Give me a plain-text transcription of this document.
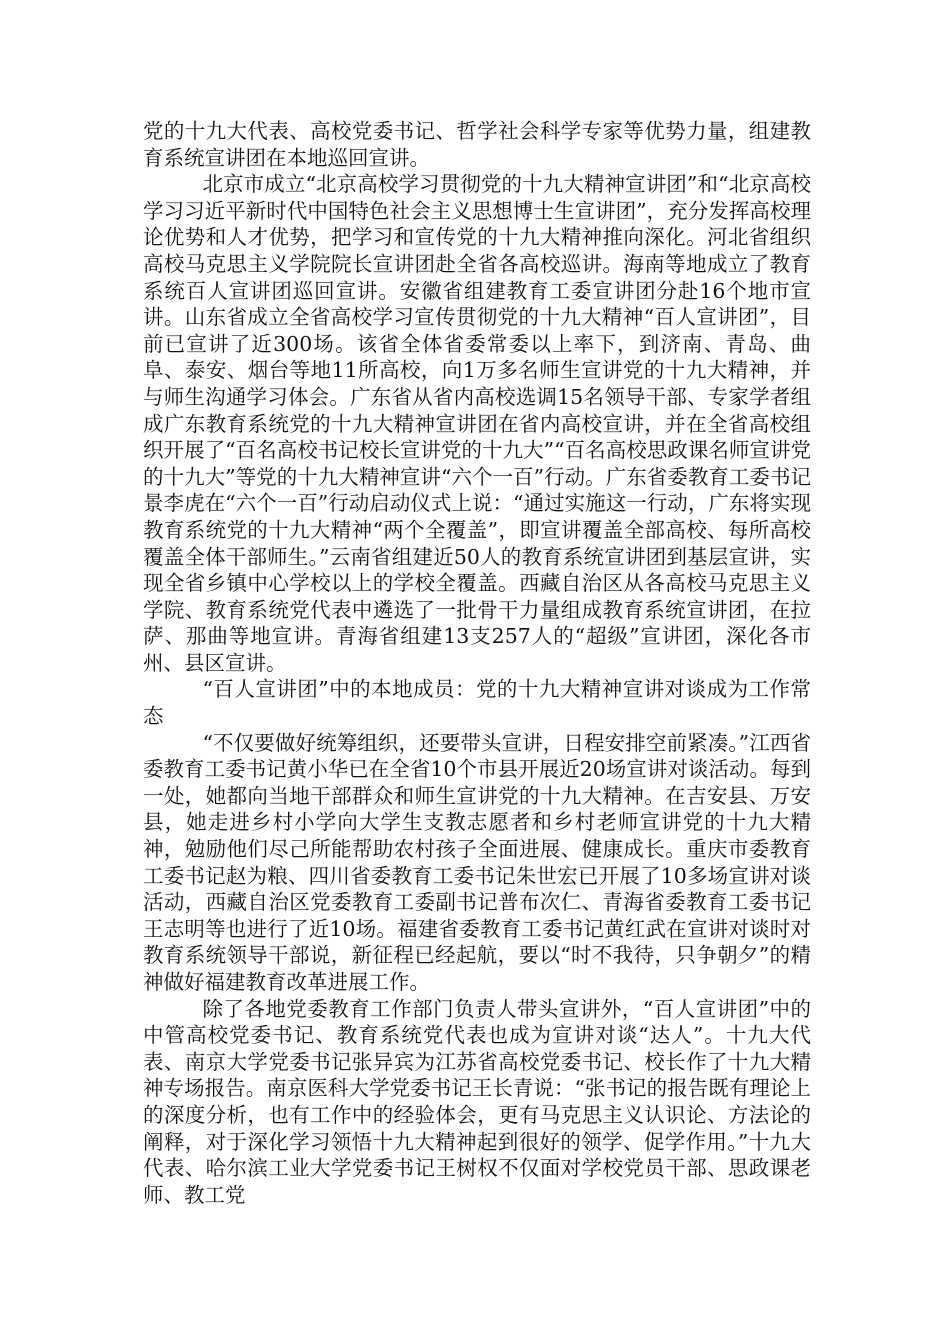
党的十九大代表、高校党委书记、哲学社会科学专家等优势力量，组建教育系统宣讲团在本地巡回宣讲。

北京市成立“北京高校学习贯彻党的十九大精神宣讲团”和“北京高校学习习近平新时代中国特色社会主义思想博士生宣讲团”，充分发挥高校理论优势和人才优势，把学习和宣传党的十九大精神推向深化。河北省组织高校马克思主义学院院长宣讲团赴全省各高校巡讲。海南等地成立了教育系统百人宣讲团巡回宣讲。安徽省组建教育工委宣讲团分赴16个地市宣讲。山东省成立全省高校学习宣传贯彻党的十九大精神“百人宣讲团”，目前已宣讲了近300场。该省全体省委常委以上率下，到济南、青岛、曲阜、泰安、烟台等地11所高校，向1万多名师生宣讲党的十九大精神，并与师生沟通学习体会。广东省从省内高校选调15名领导干部、专家学者组成广东教育系统党的十九大精神宣讲团在省内高校宣讲，并在全省高校组织开展了“百名高校书记校长宣讲党的十九大”“百名高校思政课名师宣讲党的十九大”等党的十九大精神宣讲“六个一百”行动。广东省委教育工委书记景李虎在“六个一百”行动启动仪式上说：“通过实施这一行动，广东将实现教育系统党的十九大精神“两个全覆盖”，即宣讲覆盖全部高校、每所高校覆盖全体干部师生。”云南省组建近50人的教育系统宣讲团到基层宣讲，实现全省乡镇中心学校以上的学校全覆盖。西藏自治区从各高校马克思主义学院、教育系统党代表中遴选了一批骨干力量组成教育系统宣讲团，在拉萨、那曲等地宣讲。青海省组建13支257人的“超级”宣讲团，深化各市州、县区宣讲。

“百人宣讲团”中的本地成员：党的十九大精神宣讲对谈成为工作常态

“不仅要做好统筹组织，还要带头宣讲，日程安排空前紧凑。”江西省委教育工委书记黄小华已在全省10个市县开展近20场宣讲对谈活动。每到一处，她都向当地干部群众和师生宣讲党的十九大精神。在吉安县、万安县，她走进乡村小学向大学生支教志愿者和乡村老师宣讲党的十九大精神，勉励他们尽己所能帮助农村孩子全面进展、健康成长。重庆市委教育工委书记赵为粮、四川省委教育工委书记朱世宏已开展了10多场宣讲对谈活动，西藏自治区党委教育工委副书记普布次仁、青海省委教育工委书记王志明等也进行了近10场。福建省委教育工委书记黄红武在宣讲对谈时对教育系统领导干部说，新征程已经起航，要以“时不我待，只争朝夕”的精神做好福建教育改革进展工作。

除了各地党委教育工作部门负责人带头宣讲外，“百人宣讲团”中的中管高校党委书记、教育系统党代表也成为宣讲对谈“达人”。十九大代表、南京大学党委书记张异宾为江苏省高校党委书记、校长作了十九大精神专场报告。南京医科大学党委书记王长青说：“张书记的报告既有理论上的深度分析，也有工作中的经验体会，更有马克思主义认识论、方法论的阐释，对于深化学习领悟十九大精神起到很好的领学、促学作用。”十九大代表、哈尔滨工业大学党委书记王树权不仅面对学校党员干部、思政课老师、教工党
